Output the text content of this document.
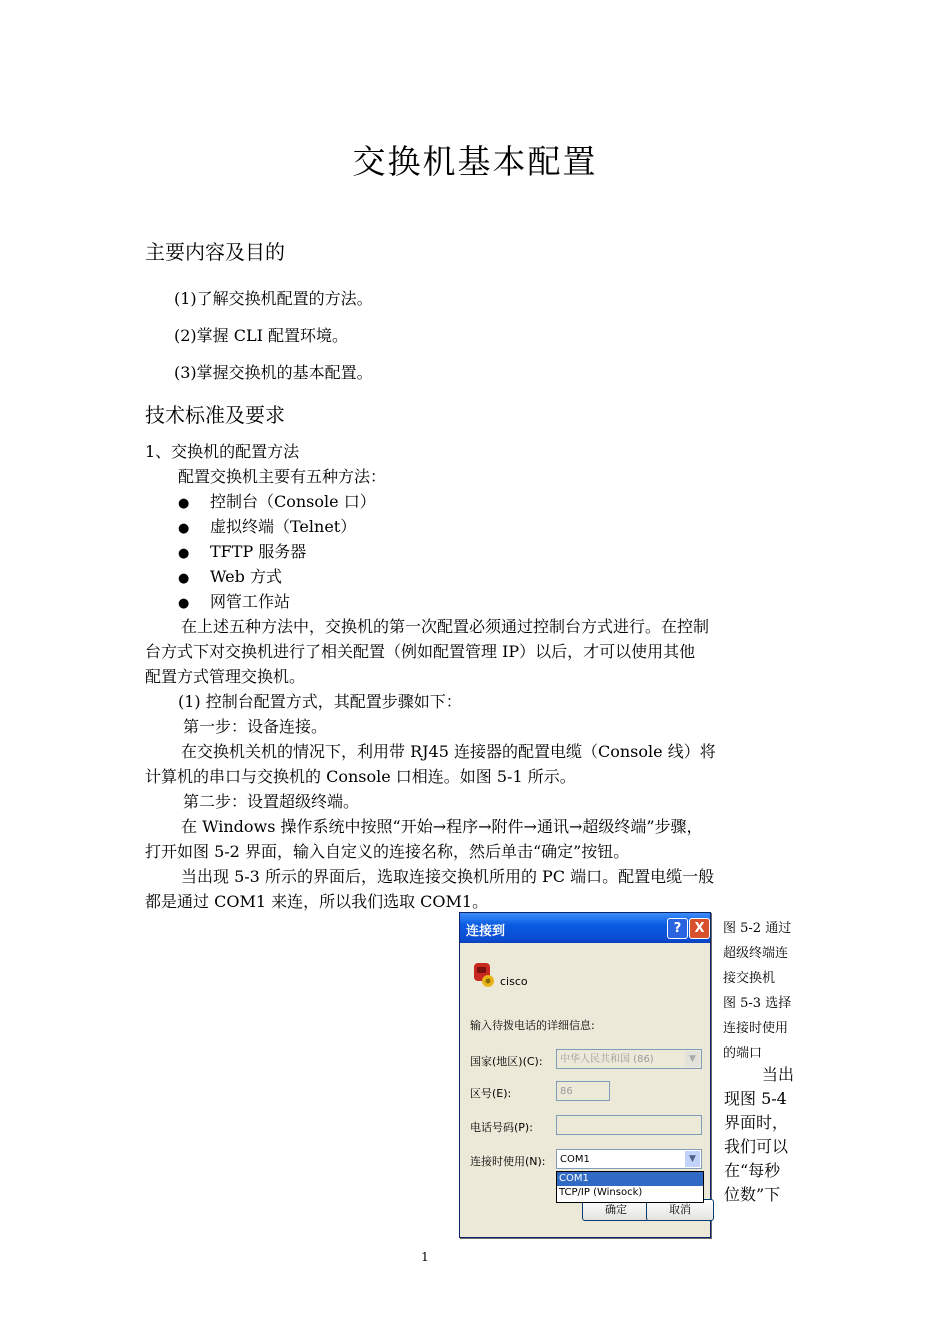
交换机基本配置
主要内容及目的
(1)了解交换机配置的方法。
(2)掌握 CLI 配置环境。
(3)掌握交换机的基本配置。
技术标准及要求
1、交换机的配置方法
配置交换机主要有五种方法：
● 控制台（Console 口）
● 虚拟终端（Telnet）
● TFTP 服务器
● Web 方式
● 网管工作站
在上述五种方法中，交换机的第一次配置必须通过控制台方式进行。在控制
台方式下对交换机进行了相关配置（例如配置管理 IP）以后，才可以使用其他
配置方式管理交换机。
(1) 控制台配置方式，其配置步骤如下：
第一步：设备连接。
在交换机关机的情况下，利用带 RJ45 连接器的配置电缆（Console 线）将
计算机的串口与交换机的 Console 口相连。如图 5-1 所示。
第二步：设置超级终端。
在 Windows 操作系统中按照“开始→程序→附件→通讯→超级终端”步骤，
打开如图 5-2 界面，输入自定义的连接名称，然后单击“确定”按钮。
当出现 5-3 所示的界面后，选取连接交换机所用的 PC 端口。配置电缆一般
都是通过 COM1 来连，所以我们选取 COM1。
连接到	?	X
cisco
输入待拨电话的详细信息:
国家(地区)(C):	中华人民共和国 (86)	▼
区号(E):	86
电话号码(P):
连接时使用(N):	COM1	▼
确定	取消
COM1
TCP/IP (Winsock)
图 5-2 通过
超级终端连
接交换机
图 5-3 选择
连接时使用
的端口
当出
现图 5-4
界面时，
我们可以
在“每秒
位数”下
1
